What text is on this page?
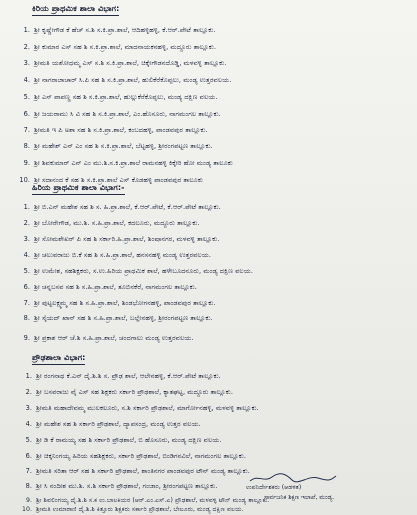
ಕಿರಿಯ ಪ್ರಾಥಮಿಕ ಶಾಲಾ ವಿಭಾಗ:
1. ಶ್ರೀ ಕೃಷ್ಣೇಗೌಡ ಕೆ ಹೆಚ್ ಸ.ಶಿ ಸ.ಕಿ.ಪ್ರಾ.ಶಾಲೆ, ಆದಿಹಳ್ಳಿಹಳ್ಳಿ, ಕೆ.ಆರ್.ಪೇಟೆ ತಾಲ್ಲೂಕು.
2. ಶ್ರೀ ಕುಮಾರ ಎಸ್ ಸಹ ಶಿ ಸ.ಕಿ.ಪ್ರಾ.ಶಾಲೆ, ಮಾದನಾಯಕನಹಳ್ಳಿ, ಮದ್ದೂರು ತಾಲ್ಲೂಕು.
3. ಶ್ರೀಮತಿ ಯಶೋಧಮ್ಮ ಎಸ್ ಸ.ಶಿ ಸ.ಕಿ.ಪ್ರಾ.ಶಾಲೆ, ಚಿಕ್ಕೇಗೌಡನದೊಡ್ಡಿ, ಮಳವಳ್ಳಿ ತಾಲ್ಲೂಕು.
4. ಶ್ರೀ ನಾಗರಾಜಾಚಾರ್ ಸಿ.ಪಿ ಸಹ ಶಿ ಸ.ಕಿ.ಪ್ರಾ.ಶಾಲೆ, ಹುಲಿಕೆರೆಕೊಪ್ಪಲು, ಮಂಡ್ಯ ಉತ್ತರವಲಯ.
5. ಶ್ರೀ ಎಸ್ ಪಾಪಣ್ಣ ಸಹ ಶಿ ಸ.ಕಿ.ಪ್ರಾ.ಶಾಲೆ, ಹುಲ್ಲುಕೆರೆಕೊಪ್ಪಲು, ಮಂಡ್ಯ ದಕ್ಷಿಣ ವಲಯ.
6. ಶ್ರೀ ಜಯರಾಮು ಸಿ ವಿ ಸಹ ಶಿ ಸ.ಕಿ.ಪ್ರಾ.ಶಾಲೆ, ಎಂ.ಹೊಸೂರು, ನಾಗಮಂಗಲ ತಾಲ್ಲೂಕು.
7. ಶ್ರೀಮತಿ ಇ ಪಿ ಅಶಾ ಸಹ ಶಿ ಸ.ಕಿ.ಪ್ರಾ.ಶಾಲೆ, ಕಂಬದಹಳ್ಳಿ, ಪಾಂಡವಪುರ ತಾಲ್ಲೂಕು.
8. ಶ್ರೀ ಮಹೇಶ್ ಎನ್ ಎಂ ಸಹ ಶಿ ಸ.ಕಿ.ಪ್ರಾ.ಶಾಲೆ, ಬೆಟ್ಟಹಳ್ಳಿ, ಶ್ರೀರಂಗಪಟ್ಟಣ ತಾಲ್ಲೂಕು.
9. ಶ್ರೀ ಶಿವಕುಮಾರ್ ಎನ್ ಎಂ ಮು.ಶಿ.ಸ.ಕಿ.ಪ್ರಾ.ಶಾಲೆ ರಾಮನಹಳ್ಳಿ ಕಿಕ್ಕೇರಿ ಹೋ ಮಂಡ್ಯ ತಾಲೂಕು
10. ಶ್ರೀ ಸದಾನಂದ ಕೆ ಸಹ ಶಿ ಸ.ಕಿ.ಪ್ರಾ.ಶಾಲೆ ಎಸ್ ಕೊಡಹಳ್ಳಿ ಪಾಂಡವಪುರ ತಾಲೂಕು
ಹಿರಿಯ ಪ್ರಾಥಮಿಕ ಶಾಲಾ ವಿಭಾಗ:-
1. ಶ್ರೀ ಬಿ.ಎನ್ ಮಹೇಶ ಸಹ ಶಿ ಸ. ಹಿ.ಪ್ರಾ.ಶಾಲೆ, ಕೆ.ಆರ್.ಪೇಟೆ, ಕೆ.ಆರ್.ಪೇಟೆ ತಾಲ್ಲೂಕು.
2. ಶ್ರೀ ಬೋರೇಗೌಡ, ಮು.ಶಿ. ಸ.ಹಿ.ಪ್ರಾ.ಶಾಲೆ, ಕದಲೂರು, ಮದ್ದೂರು ತಾಲ್ಲೂಕು.
3. ಶ್ರೀ ಸೋಮಶೇಖರ್ ಪಿ ಸಹ ಶಿ ಸರ್ಕಾರಿ.ಹಿ.ಪ್ರಾ.ಶಾಲೆ, ಶಿಂಷಾನಗರ, ಮಳವಳ್ಳಿ ತಾಲ್ಲೂಕು.
4. ಶ್ರೀ ಚಲುವರಾಜು ಬಿ.ಕೆ ಸಹ ಶಿ ಸ.ಹಿ.ಪ್ರಾ.ಶಾಲೆ, ಹನಸನಹಳ್ಳಿ ಮಂಡ್ಯ ಉತ್ತರವಲಯ.
5. ಶ್ರೀ ಉಮೇಶ, ಸಹಶಿಕ್ಷಕರು, ಸ.ಉ.ಹಿರಿಯ ಪ್ರಾಥಮಿಕ ಶಾಲೆ, ಹಳೇಬೂದನೂರು, ಮಂಡ್ಯ ದಕ್ಷಿಣ ವಲಯ.
6. ಶ್ರೀ ಚನ್ನಬಸವ ಸಹ ಶಿ ಸ.ಹಿ.ಪ್ರಾ.ಶಾಲೆ, ತೂಬಿನಕೆರೆ, ನಾಗಮಂಗಲ ತಾಲ್ಲೂಕು.
7. ಶ್ರೀ ಪುಟ್ಟಲಕ್ಷ್ಮಮ್ಮ ಸಹ ಶಿ ಸ.ಹಿ.ಪ್ರಾ.ಶಾಲೆ, ಶಿಂಡಭೋಗನಹಳ್ಳಿ, ಪಾಂಡವಪುರ ತಾಲ್ಲೂಕು.
8. ಶ್ರೀ ಸೈಯದ್ ಖಾನ್ ಸಹ ಶಿ ಸ.ಹಿ.ಪ್ರಾ.ಶಾಲೆ, ಬಲ್ಲೇನಹಳ್ಳಿ, ಶ್ರೀರಂಗಪಟ್ಟಣ ತಾಲ್ಲೂಕು.
9. ಶ್ರೀ ಪ್ರಕಾಶ ಆರ್ ಚೆ.ಶಿ ಸ.ಹಿ.ಪ್ರಾ.ಶಾಲೆ, ಚಂದಗಾಲು ಮಂಡ್ಯ ಉತ್ತರವಲಯ.
ಪ್ರೌಢಶಾಲಾ ವಿಭಾಗ:
1. ಶ್ರೀ ರಂಗನಾಥ ಕೆ.ಎನ್ ದೈ.ಶಿ.ಶಿ ಸ. ಪ್ರೌಢ ಶಾಲೆ, ಆಲೇನಹಳ್ಳಿ, ಕೆ.ಆರ್.ಪೇಟೆ ತಾಲ್ಲೂಕು.
2. ಶ್ರೀ ಬಸವರಾಜು ವೈ ಎಸ್ ಸಹ ಶಿಕ್ಷಕರು ಸರ್ಕಾರಿ ಪ್ರೌಢಶಾಲೆ, ಕ್ಯಾತಘಟ್ಟ, ಮದ್ದೂರು ತಾಲ್ಲೂಕು.
3. ಶ್ರೀಮತಿ ಮಹಾದೇವಮ್ಮ ಮುಲಕಲೂರು, ಸ.ಶಿ ಸರ್ಕಾರಿ ಪ್ರೌಢಶಾಲೆ, ಮಾರ್ಗೋನಹಳ್ಳಿ, ಮಳವಳ್ಳಿ ತಾಲ್ಲೂಕು.
4. ಶ್ರೀ ಮಹೇಶ ಸಹ ಶಿ ಸರ್ಕಾರಿ ಪ್ರೌಢಶಾಲೆ, ದ್ಯಾಪಸಂದ್ರ, ಮಂಡ್ಯ ಉತ್ತರ ವಲಯ.
5. ಶ್ರೀ ಡಿ ಕೆ ರಾಮಯ್ಯ ಸಹ ಶಿ ಸರ್ಕಾರಿ ಪ್ರೌಢಶಾಲೆ, ಬಿ ಹೊಸೂರು, ಮಂಡ್ಯ ದಕ್ಷಿಣ ವಲಯ.
6. ಶ್ರೀ ಚಿಕ್ಕನಿಂಗಯ್ಯ ಹಿರಿಯ ಸಹಶಿಕ್ಷಕರು, ಸರ್ಕಾರಿ ಪ್ರೌಢಶಾಲೆ, ಬಿಂಡಿಗನವಿಲೆ, ನಾಗಮಂಗಲ ತಾಲ್ಲೂಕು.
7. ಶ್ರೀಮತಿ ಸರಿತಾ ಆರ್ ಸಹ ಶಿ ಸರ್ಕಾರಿ ಪ್ರೌಢಶಾಲೆ, ಶಾಂತಿನಗರ ಪಾಂಡವಪುರ ಟೌನ್ ಮಂಡ್ಯ ತಾಲ್ಲೂಕು.
8. ಶ್ರೀ ಸಿ ನಂದೀಶ ಮು.ಶಿ. ಸ.ಶಿ ಸರ್ಕಾರಿ ಪ್ರೌಢಶಾಲೆ, ಗಂಜಾಂ, ಶ್ರೀರಂಗಪಟ್ಟಣ ತಾಲ್ಲೂಕು.
9. ಶ್ರೀ ಶಿವಲಿಂಗಯ್ಯ ದೈ.ಶಿ.ಶಿ ಸ.ಕ ಉ.ಬಾಲಕಿಯರ (ಆರ್.ಎಂ.ಎಸ್.ಎ) ಪ್ರೌಢಶಾಲೆ, ಮಳವಳ್ಳಿ ಟೌನ್ ಮಂಡ್ಯ ತಾಲ್ಲೂಕು.
10. ಶ್ರೀಮತಿ ಉಮಾರಾಣಿ ದೈ.ಶಿ.ಶಿ ಕಿತ್ತೂರು ಶಿಕ್ಷಕರು ಸರ್ಕಾರಿ ಪ್ರೌಢಶಾಲೆ, ಬೇಲೂರು, ಮಂಡ್ಯ ದಕ್ಷಿಣ ವಲಯ.
ಉಪನಿರ್ದೇಶಕರು (ಆಡಳಿತ)
ಸಾರ್ವಜನಿಕ ಶಿಕ್ಷಣ ಇಲಾಖೆ, ಮಂಡ್ಯ.
